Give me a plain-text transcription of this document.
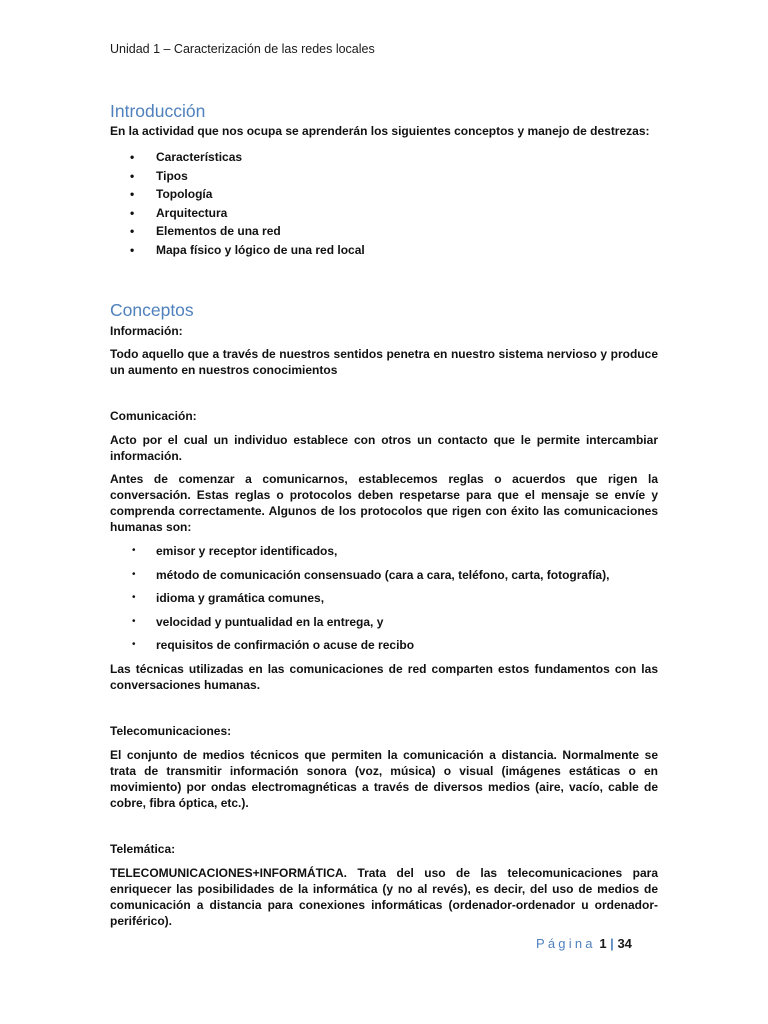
Unidad 1 – Caracterización de las redes locales
Introducción

En la actividad que nos ocupa se aprenderán los siguientes conceptos y manejo de destrezas:

• Características
• Tipos
• Topología
• Arquitectura
• Elementos de una red
• Mapa físico y lógico de una red local
Conceptos

Información:

Todo aquello que a través de nuestros sentidos penetra en nuestro sistema nervioso y produce un aumento en nuestros conocimientos

Comunicación:

Acto por el cual un individuo establece con otros un contacto que le permite intercambiar información.

Antes de comenzar a comunicarnos, establecemos reglas o acuerdos que rigen la conversación. Estas reglas o protocolos deben respetarse para que el mensaje se envíe y comprenda correctamente. Algunos de los protocolos que rigen con éxito las comunicaciones humanas son:

• emisor y receptor identificados,
• método de comunicación consensuado (cara a cara, teléfono, carta, fotografía),
• idioma y gramática comunes,
• velocidad y puntualidad en la entrega, y
• requisitos de confirmación o acuse de recibo

Las técnicas utilizadas en las comunicaciones de red comparten estos fundamentos con las conversaciones humanas.

Telecomunicaciones:

El conjunto de medios técnicos que permiten la comunicación a distancia. Normalmente se trata de transmitir información sonora (voz, música) o visual (imágenes estáticas o en movimiento) por ondas electromagnéticas a través de diversos medios (aire, vacío, cable de cobre, fibra óptica, etc.).

Telemática:

TELECOMUNICACIONES+INFORMÁTICA. Trata del uso de las telecomunicaciones para enriquecer las posibilidades de la informática (y no al revés), es decir, del uso de medios de comunicación a distancia para conexiones informáticas (ordenador-ordenador u ordenador-periférico).

Página 1 | 34
